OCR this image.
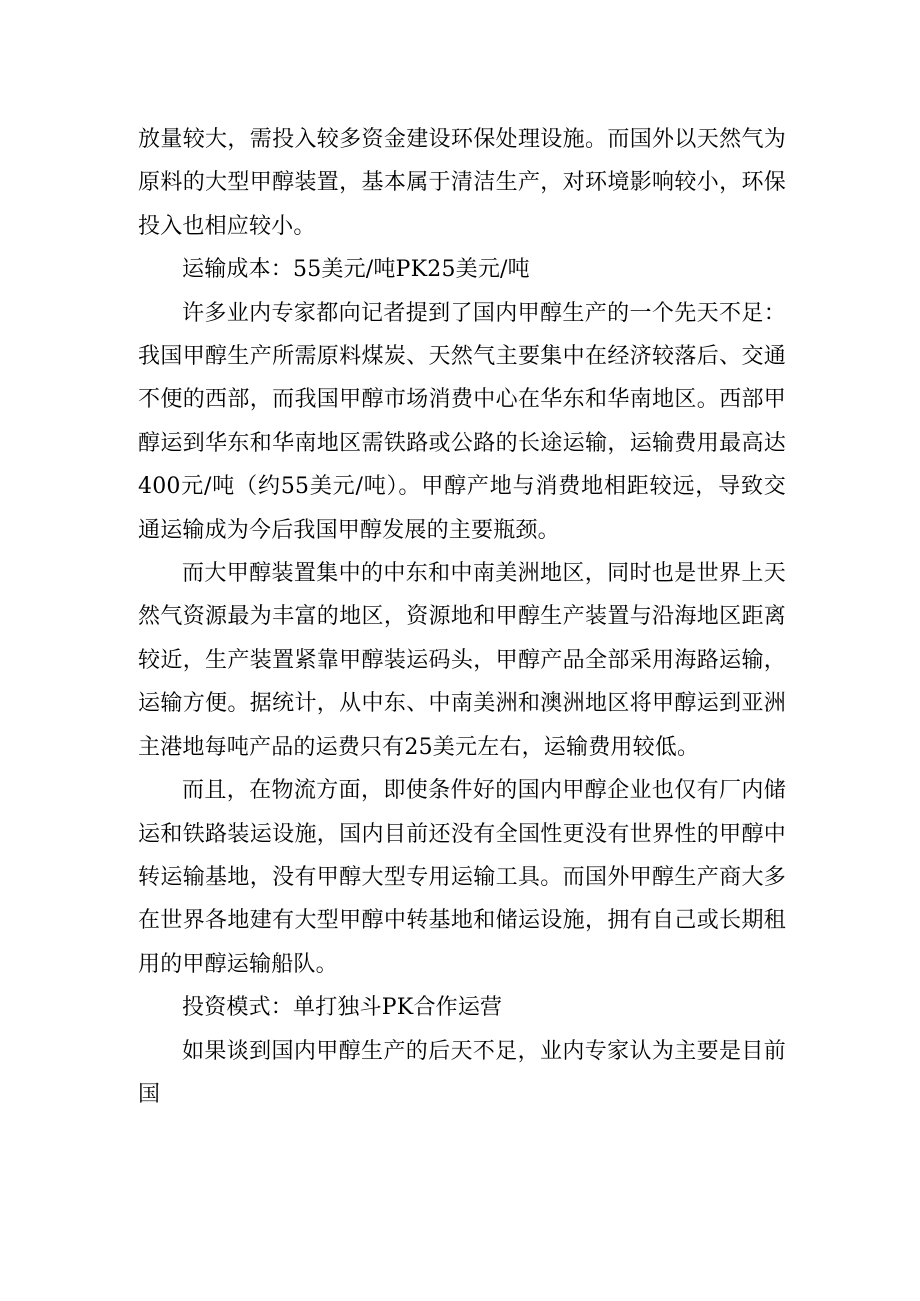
放量较大，需投入较多资金建设环保处理设施。而国外以天然气为原料的大型甲醇装置，基本属于清洁生产，对环境影响较小，环保投入也相应较小。

运输成本：55美元/吨PK25美元/吨

许多业内专家都向记者提到了国内甲醇生产的一个先天不足：我国甲醇生产所需原料煤炭、天然气主要集中在经济较落后、交通不便的西部，而我国甲醇市场消费中心在华东和华南地区。西部甲醇运到华东和华南地区需铁路或公路的长途运输，运输费用最高达400元/吨（约55美元/吨）。甲醇产地与消费地相距较远，导致交通运输成为今后我国甲醇发展的主要瓶颈。

而大甲醇装置集中的中东和中南美洲地区，同时也是世界上天然气资源最为丰富的地区，资源地和甲醇生产装置与沿海地区距离较近，生产装置紧靠甲醇装运码头，甲醇产品全部采用海路运输，运输方便。据统计，从中东、中南美洲和澳洲地区将甲醇运到亚洲主港地每吨产品的运费只有25美元左右，运输费用较低。

而且，在物流方面，即使条件好的国内甲醇企业也仅有厂内储运和铁路装运设施，国内目前还没有全国性更没有世界性的甲醇中转运输基地，没有甲醇大型专用运输工具。而国外甲醇生产商大多在世界各地建有大型甲醇中转基地和储运设施，拥有自己或长期租用的甲醇运输船队。

投资模式：单打独斗PK合作运营

如果谈到国内甲醇生产的后天不足，业内专家认为主要是目前国
